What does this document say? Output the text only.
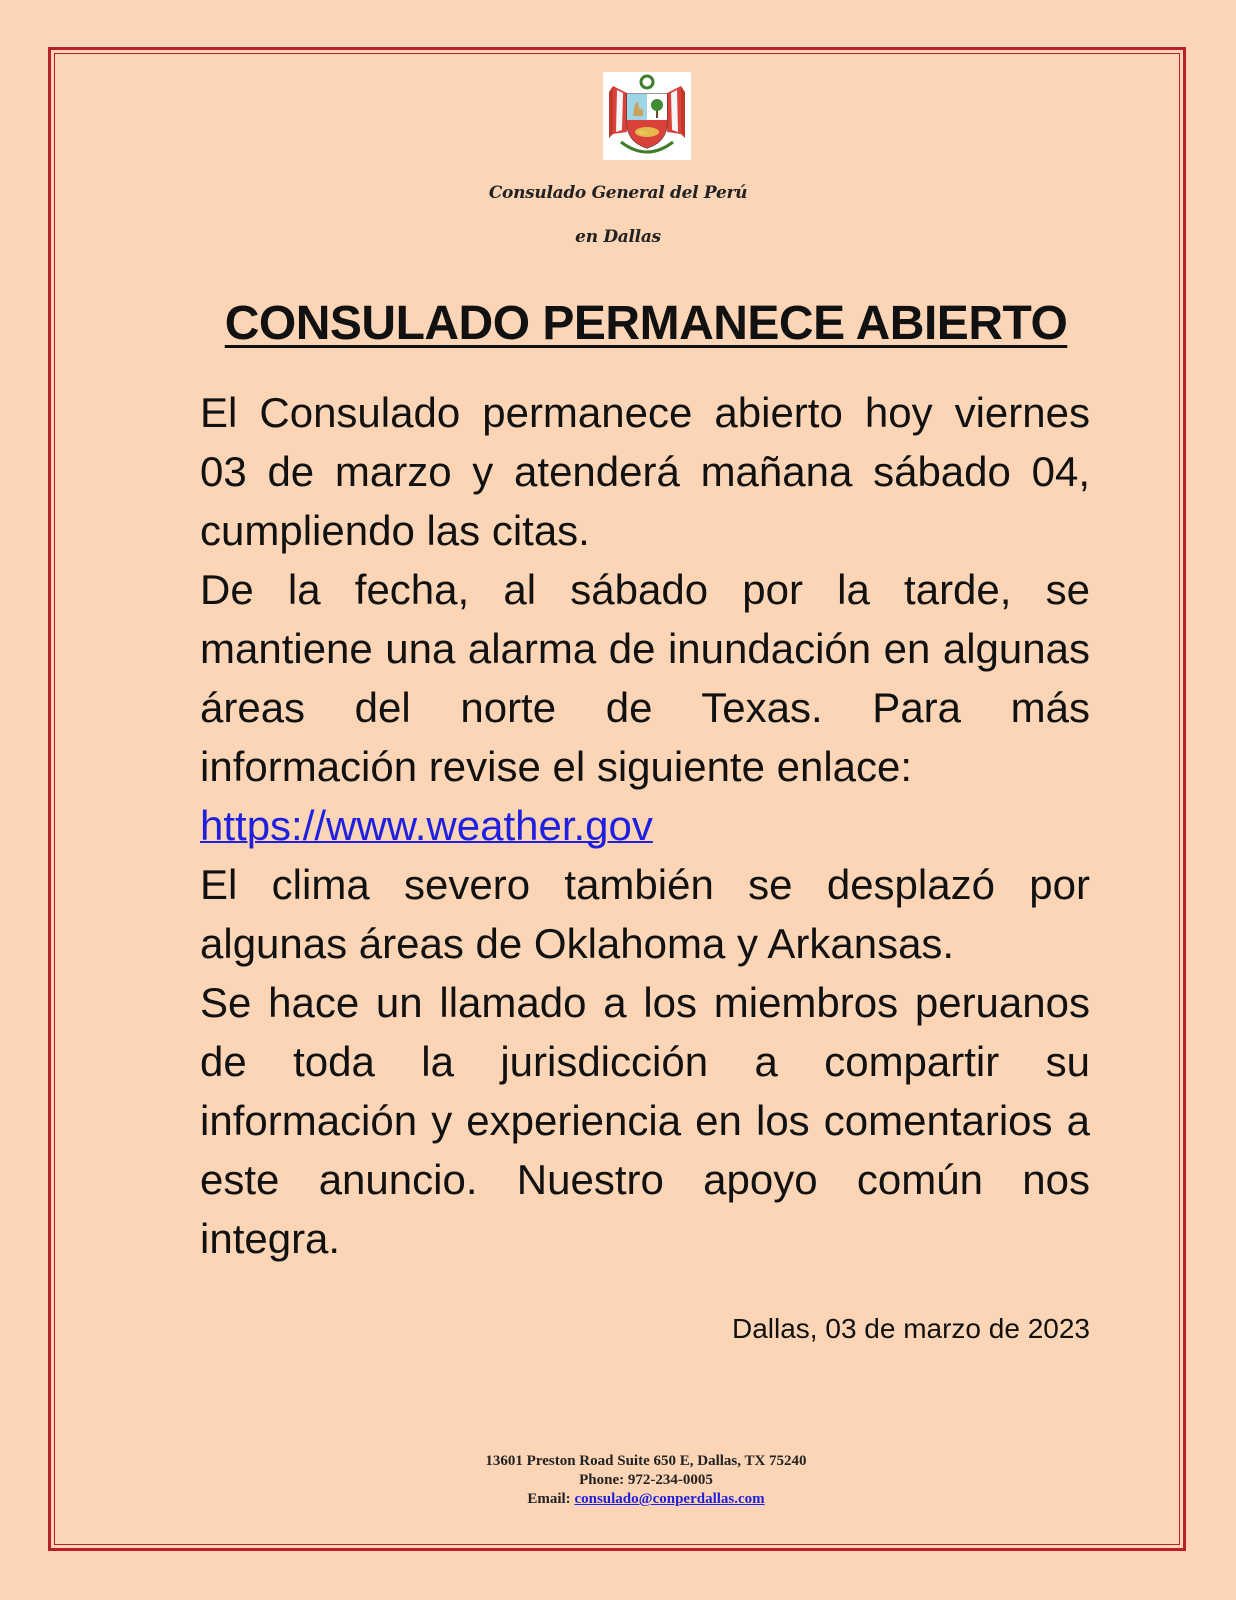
Consulado General del Perú
en Dallas
CONSULADO PERMANECE ABIERTO

El Consulado permanece abierto hoy viernes 03 de marzo y atenderá mañana sábado 04, cumpliendo las citas.

De la fecha, al sábado por la tarde, se mantiene una alarma de inundación en algunas áreas del norte de Texas. Para más información revise el siguiente enlace:

https://www.weather.gov

El clima severo también se desplazó por algunas áreas de Oklahoma y Arkansas.

Se hace un llamado a los miembros peruanos de toda la jurisdicción a compartir su información y experiencia en los comentarios a este anuncio. Nuestro apoyo común nos integra.

Dallas, 03 de marzo de 2023
13601 Preston Road Suite 650 E, Dallas, TX 75240
Phone: 972-234-0005
Email: consulado@conperdallas.com
